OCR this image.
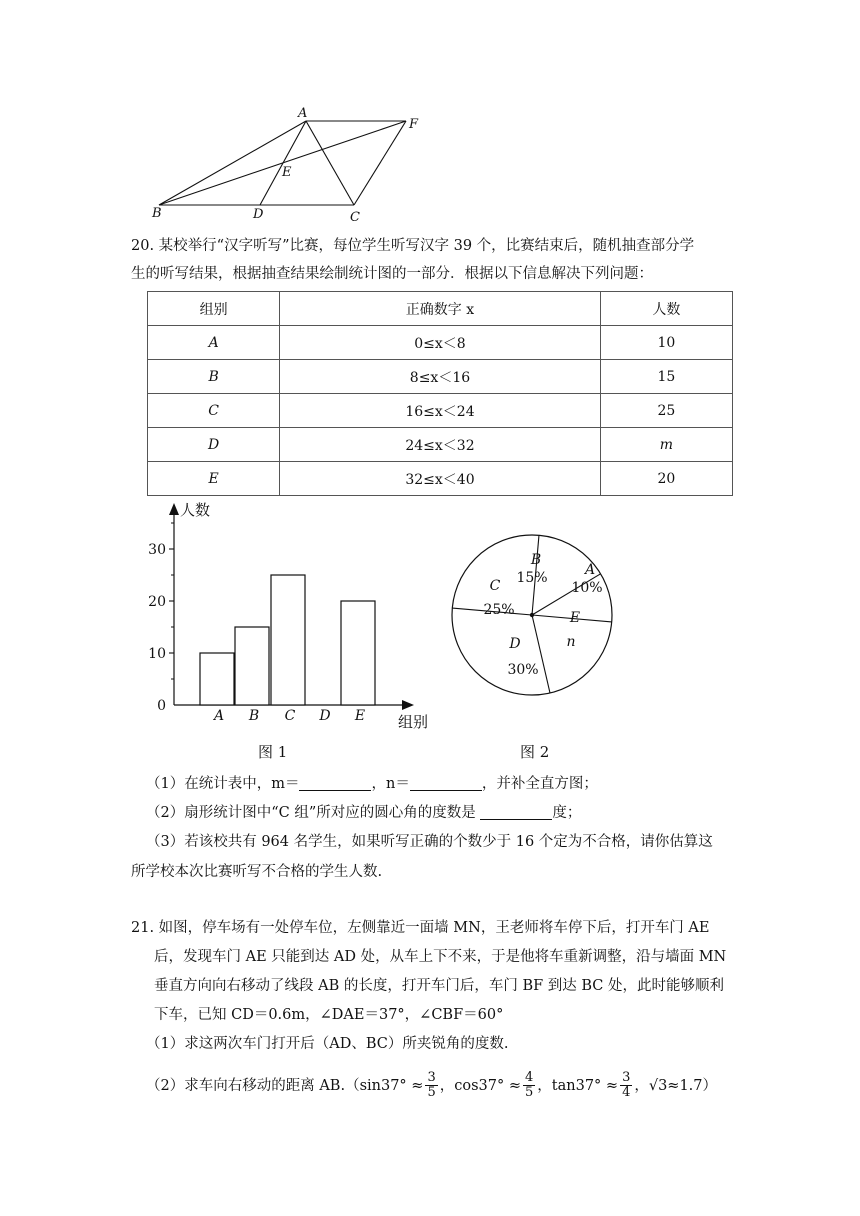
A
F
E
B	D	C
20. 某校举行“汉字听写”比赛，每位学生听写汉字 39 个，比赛结束后，随机抽查部分学
生的听写结果，根据抽查结果绘制统计图的一部分．根据以下信息解决下列问题：
组别	正确数字 x	人数
A	0≤x＜8	10
B	8≤x＜16	15
C	16≤x＜24	25
D	24≤x＜32	m
E	32≤x＜40	20
人数
组别
0
10
20
30
A B C D E
B
15%	A
10%
E
n
D
30%
C
25%
图 1	图 2
（1）在统计表中，m＝	，n＝	，并补全直方图；
（2）扇形统计图中“C 组”所对应的圆心角的度数是	度；
（3）若该校共有 964 名学生，如果听写正确的个数少于 16 个定为不合格，请你估算这
所学校本次比赛听写不合格的学生人数.
21. 如图，停车场有一处停车位，左侧靠近一面墙 MN，王老师将车停下后，打开车门 AE
后，发现车门 AE 只能到达 AD 处，从车上下不来，于是他将车重新调整，沿与墙面 MN
垂直方向向右移动了线段 AB 的长度，打开车门后，车门 BF 到达 BC 处，此时能够顺利
下车，已知 CD＝0.6m，∠DAE＝37°，∠CBF＝60°
（1）求这两次车门打开后（AD、BC）所夹锐角的度数.
（2）求车向右移动的距离 $AB.(\sin 37^\circ \approx \frac{3}{5}$ ，$\cos 37^\circ \approx \frac{4}{5}$ ，$\tan 37^\circ \approx \frac{3}{4}$ ，√3≈1.7）
